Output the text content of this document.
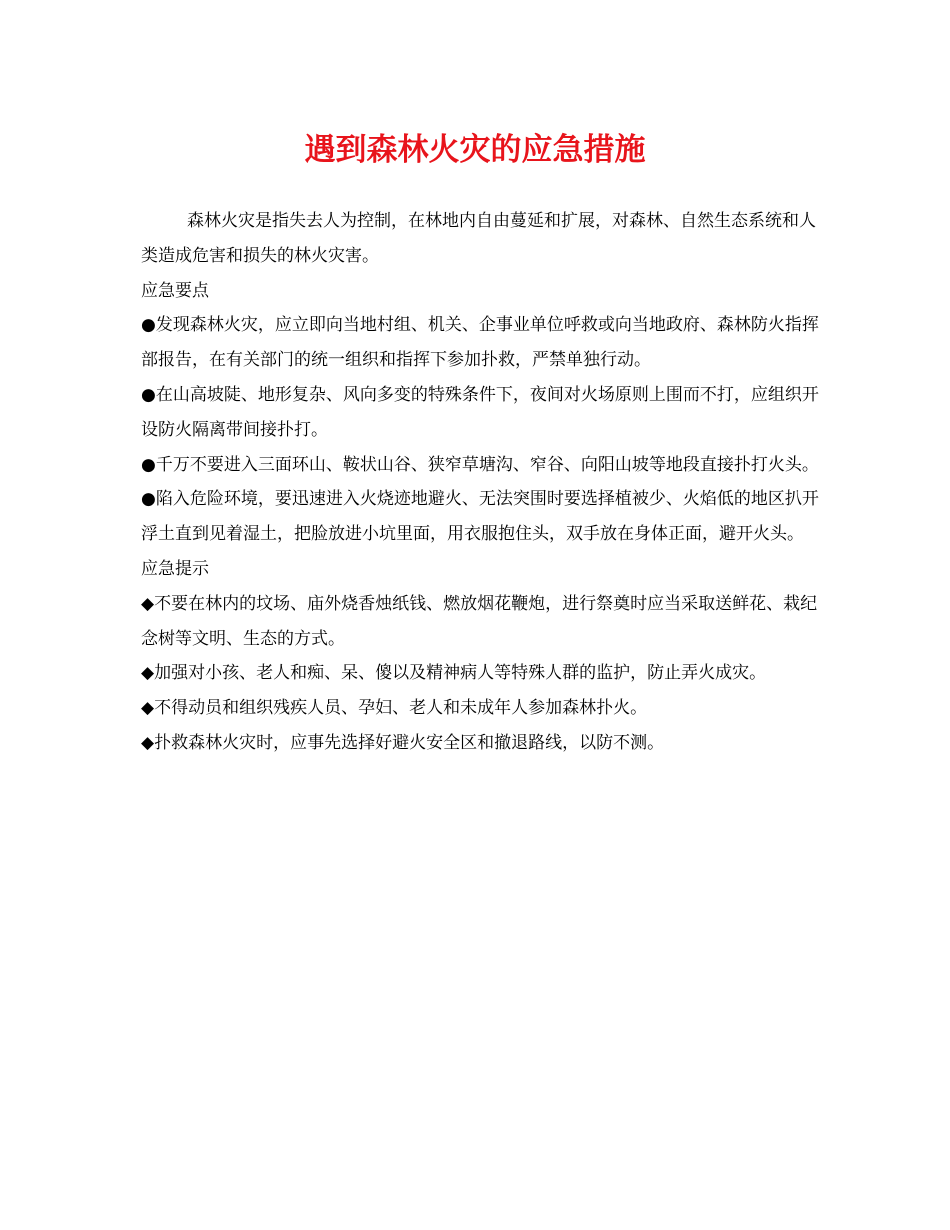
遇到森林火灾的应急措施

森林火灾是指失去人为控制，在林地内自由蔓延和扩展，对森林、自然生态系统和人类造成危害和损失的林火灾害。

应急要点

●发现森林火灾，应立即向当地村组、机关、企事业单位呼救或向当地政府、森林防火指挥部报告，在有关部门的统一组织和指挥下参加扑救，严禁单独行动。

●在山高坡陡、地形复杂、风向多变的特殊条件下，夜间对火场原则上围而不打，应组织开设防火隔离带间接扑打。

●千万不要进入三面环山、鞍状山谷、狭窄草塘沟、窄谷、向阳山坡等地段直接扑打火头。

●陷入危险环境，要迅速进入火烧迹地避火、无法突围时要选择植被少、火焰低的地区扒开浮土直到见着湿土，把脸放进小坑里面，用衣服抱住头，双手放在身体正面，避开火头。

应急提示

◆不要在林内的坟场、庙外烧香烛纸钱、燃放烟花鞭炮，进行祭奠时应当采取送鲜花、栽纪念树等文明、生态的方式。

◆加强对小孩、老人和痴、呆、傻以及精神病人等特殊人群的监护，防止弄火成灾。

◆不得动员和组织残疾人员、孕妇、老人和未成年人参加森林扑火。

◆扑救森林火灾时，应事先选择好避火安全区和撤退路线，以防不测。
